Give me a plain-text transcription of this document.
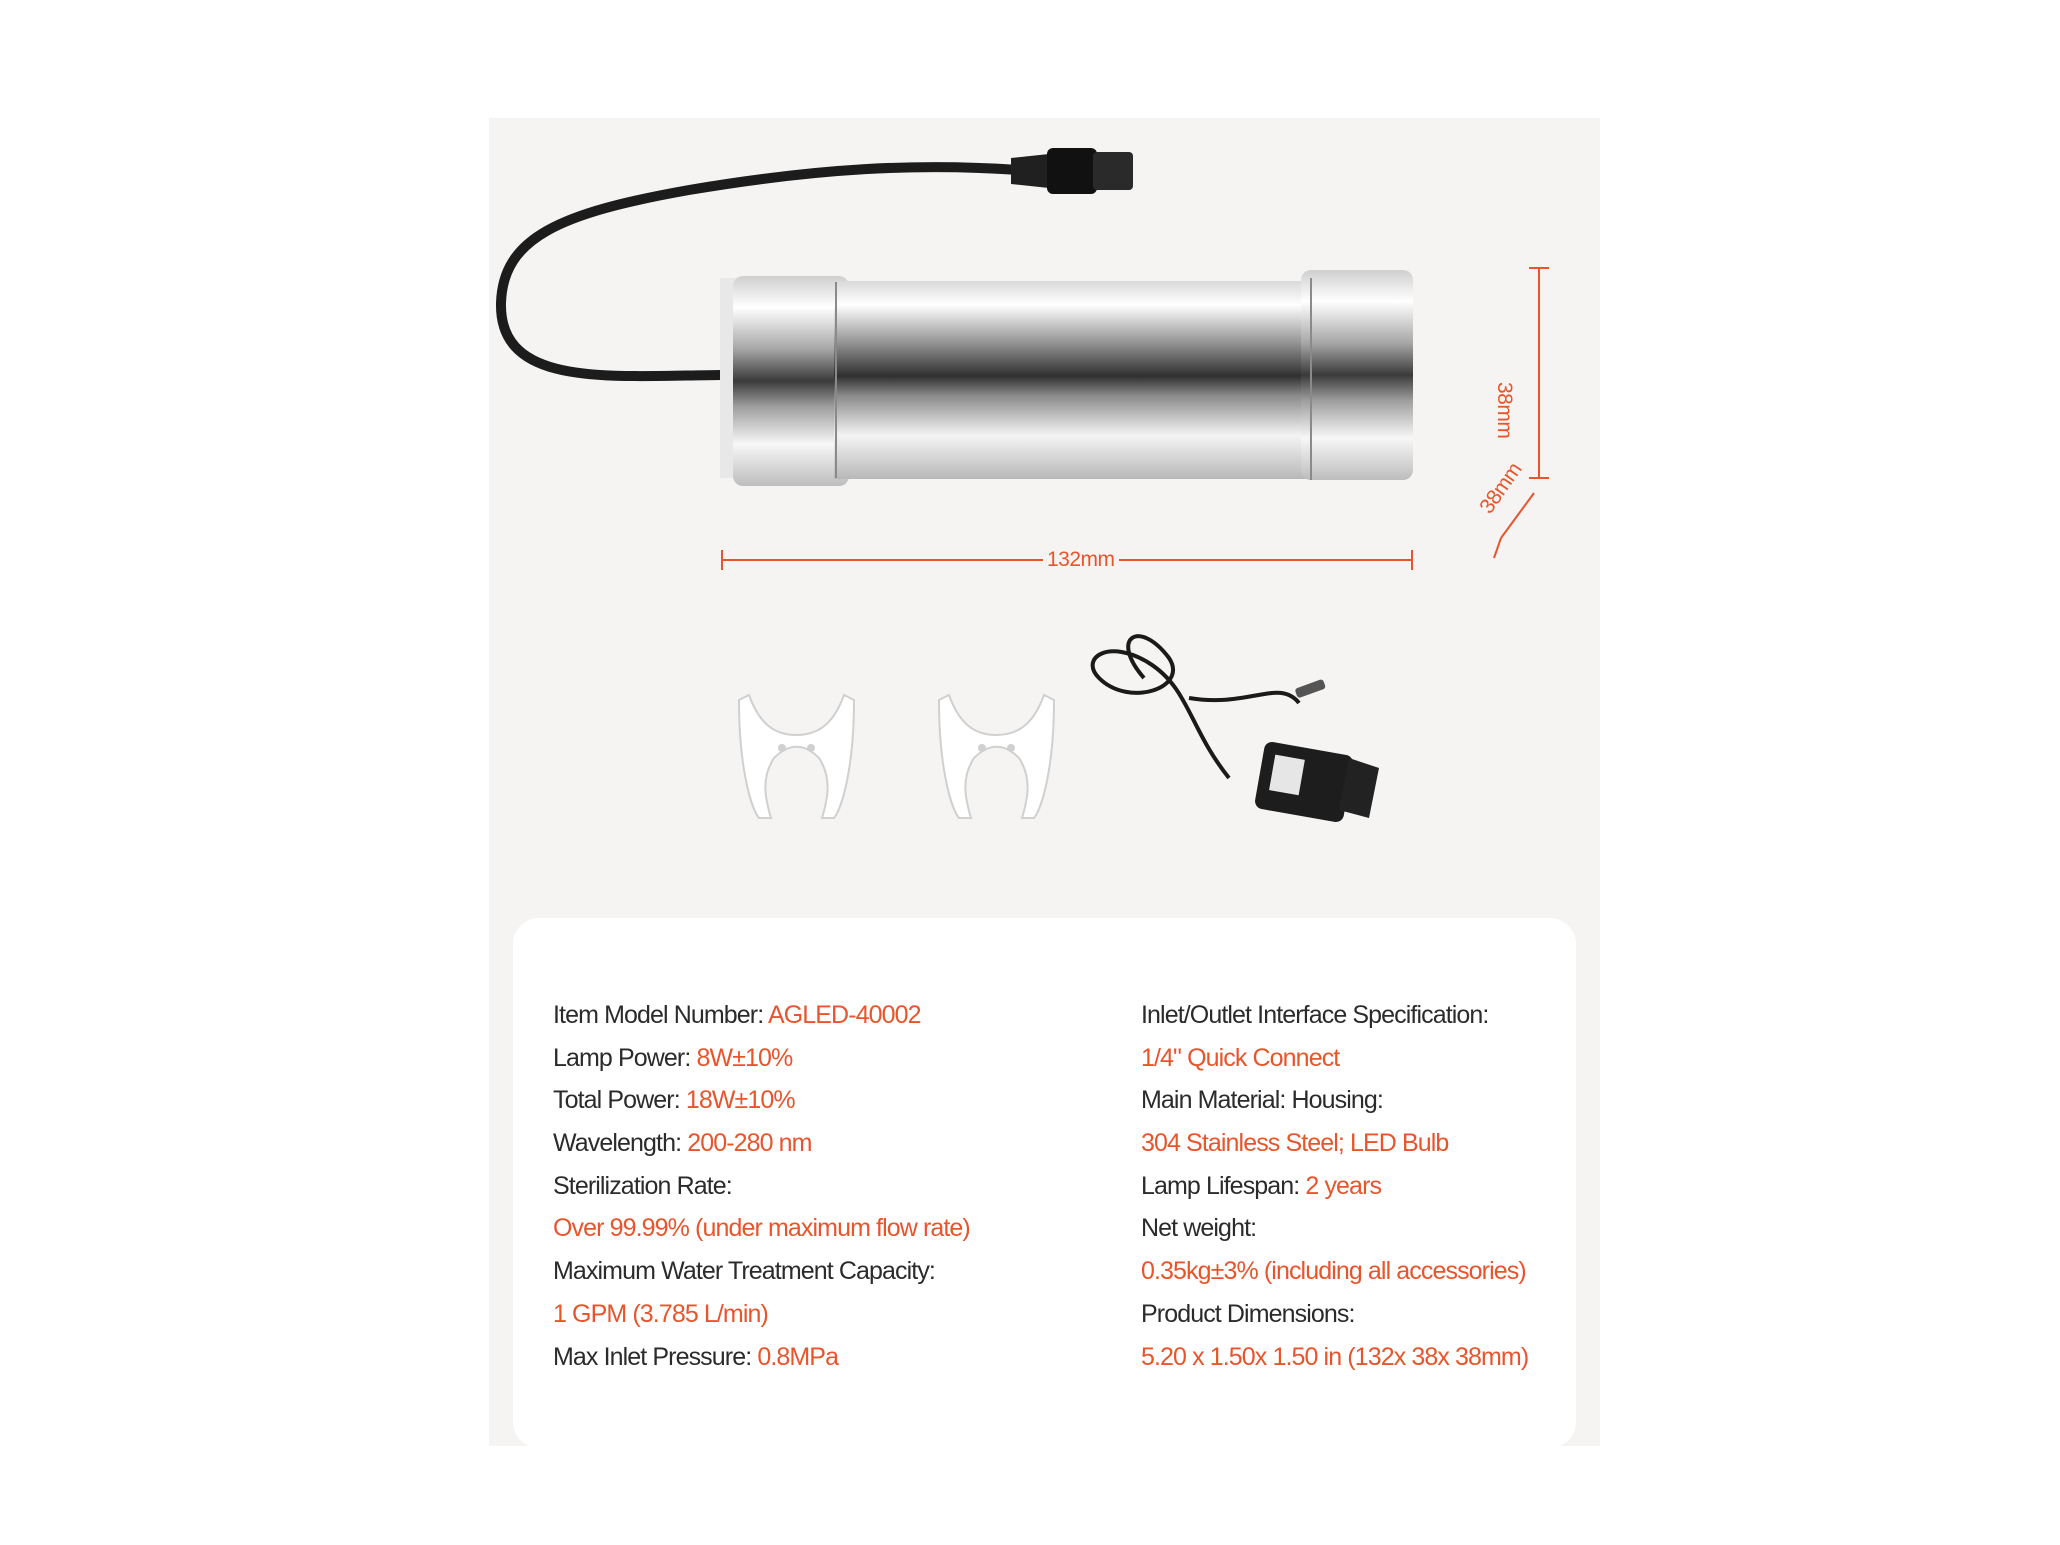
132mm
38mm
38mm
Item Model Number: AGLED-40002
Lamp Power: 8W±10%
Total Power: 18W±10%
Wavelength: 200-280 nm
Sterilization Rate:
Over 99.99% (under maximum flow rate)
Maximum Water Treatment Capacity:
1 GPM (3.785 L/min)
Max Inlet Pressure: 0.8MPa
Inlet/Outlet Interface Specification:
1/4" Quick Connect
Main Material: Housing:
304 Stainless Steel; LED Bulb
Lamp Lifespan: 2 years
Net weight:
0.35kg±3% (including all accessories)
Product Dimensions:
5.20 x 1.50x 1.50 in (132x 38x 38mm)
